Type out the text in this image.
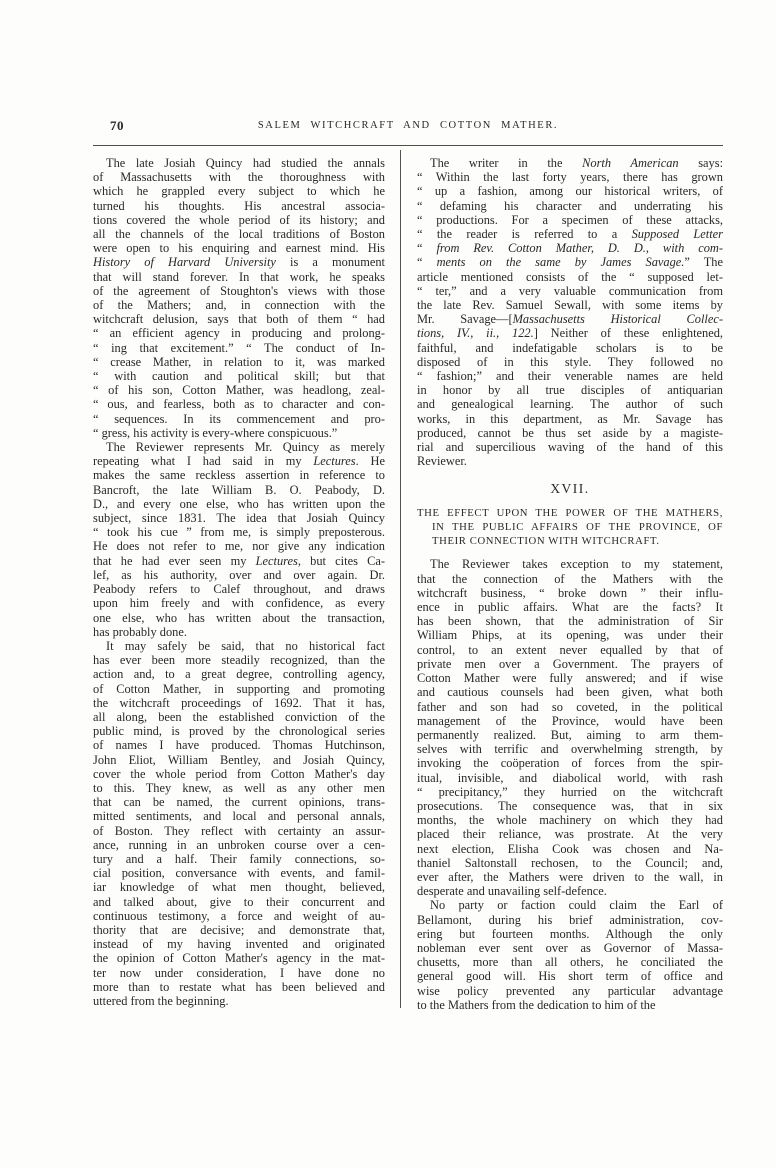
70	SALEM WITCHCRAFT AND COTTON MATHER.
The late Josiah Quincy had studied the annals
of Massachusetts with the thoroughness with
which he grappled every subject to which he
turned his thoughts. His ancestral associa-
tions covered the whole period of its history; and
all the channels of the local traditions of Boston
were open to his enquiring and earnest mind. His
History of Harvard University is a monument
that will stand forever. In that work, he speaks
of the agreement of Stoughton's views with those
of the Mathers; and, in connection with the
witchcraft delusion, says that both of them “ had
“ an efficient agency in producing and prolong-
“ ing that excitement.” “ The conduct of In-
“ crease Mather, in relation to it, was marked
“ with caution and political skill; but that
“ of his son, Cotton Mather, was headlong, zeal-
“ ous, and fearless, both as to character and con-
“ sequences. In its commencement and pro-
“ gress, his activity is every-where conspicuous.”
The Reviewer represents Mr. Quincy as merely
repeating what I had said in my Lectures. He
makes the same reckless assertion in reference to
Bancroft, the late William B. O. Peabody, D.
D., and every one else, who has written upon the
subject, since 1831. The idea that Josiah Quincy
“ took his cue ” from me, is simply preposterous.
He does not refer to me, nor give any indication
that he had ever seen my Lectures, but cites Ca-
lef, as his authority, over and over again. Dr.
Peabody refers to Calef throughout, and draws
upon him freely and with confidence, as every
one else, who has written about the transaction,
has probably done.
It may safely be said, that no historical fact
has ever been more steadily recognized, than the
action and, to a great degree, controlling agency,
of Cotton Mather, in supporting and promoting
the witchcraft proceedings of 1692. That it has,
all along, been the established conviction of the
public mind, is proved by the chronological series
of names I have produced. Thomas Hutchinson,
John Eliot, William Bentley, and Josiah Quincy,
cover the whole period from Cotton Mather's day
to this. They knew, as well as any other men
that can be named, the current opinions, trans-
mitted sentiments, and local and personal annals,
of Boston. They reflect with certainty an assur-
ance, running in an unbroken course over a cen-
tury and a half. Their family connections, so-
cial position, conversance with events, and famil-
iar knowledge of what men thought, believed,
and talked about, give to their concurrent and
continuous testimony, a force and weight of au-
thority that are decisive; and demonstrate that,
instead of my having invented and originated
the opinion of Cotton Mather's agency in the mat-
ter now under consideration, I have done no
more than to restate what has been believed and
uttered from the beginning.
The writer in the North American says:
“ Within the last forty years, there has grown
“ up a fashion, among our historical writers, of
“ defaming his character and underrating his
“ productions. For a specimen of these attacks,
“ the reader is referred to a Supposed Letter
“ from Rev. Cotton Mather, D. D., with com-
“ ments on the same by James Savage.” The
article mentioned consists of the “ supposed let-
“ ter,” and a very valuable communication from
the late Rev. Samuel Sewall, with some items by
Mr. Savage—[Massachusetts Historical Collec-
tions, IV., ii., 122.] Neither of these enlightened,
faithful, and indefatigable scholars is to be
disposed of in this style. They followed no
“ fashion;” and their venerable names are held
in honor by all true disciples of antiquarian
and genealogical learning. The author of such
works, in this department, as Mr. Savage has
produced, cannot be thus set aside by a magiste-
rial and supercilious waving of the hand of this
Reviewer.
XVII.
THE EFFECT UPON THE POWER OF THE MATHERS,
IN THE PUBLIC AFFAIRS OF THE PROVINCE, OF
THEIR CONNECTION WITH WITCHCRAFT.
The Reviewer takes exception to my statement,
that the connection of the Mathers with the
witchcraft business, “ broke down ” their influ-
ence in public affairs. What are the facts? It
has been shown, that the administration of Sir
William Phips, at its opening, was under their
control, to an extent never equalled by that of
private men over a Government. The prayers of
Cotton Mather were fully answered; and if wise
and cautious counsels had been given, what both
father and son had so coveted, in the political
management of the Province, would have been
permanently realized. But, aiming to arm them-
selves with terrific and overwhelming strength, by
invoking the coöperation of forces from the spir-
itual, invisible, and diabolical world, with rash
“ precipitancy,” they hurried on the witchcraft
prosecutions. The consequence was, that in six
months, the whole machinery on which they had
placed their reliance, was prostrate. At the very
next election, Elisha Cook was chosen and Na-
thaniel Saltonstall rechosen, to the Council; and,
ever after, the Mathers were driven to the wall, in
desperate and unavailing self-defence.
No party or faction could claim the Earl of
Bellamont, during his brief administration, cov-
ering but fourteen months. Although the only
nobleman ever sent over as Governor of Massa-
chusetts, more than all others, he conciliated the
general good will. His short term of office and
wise policy prevented any particular advantage
to the Mathers from the dedication to him of the
